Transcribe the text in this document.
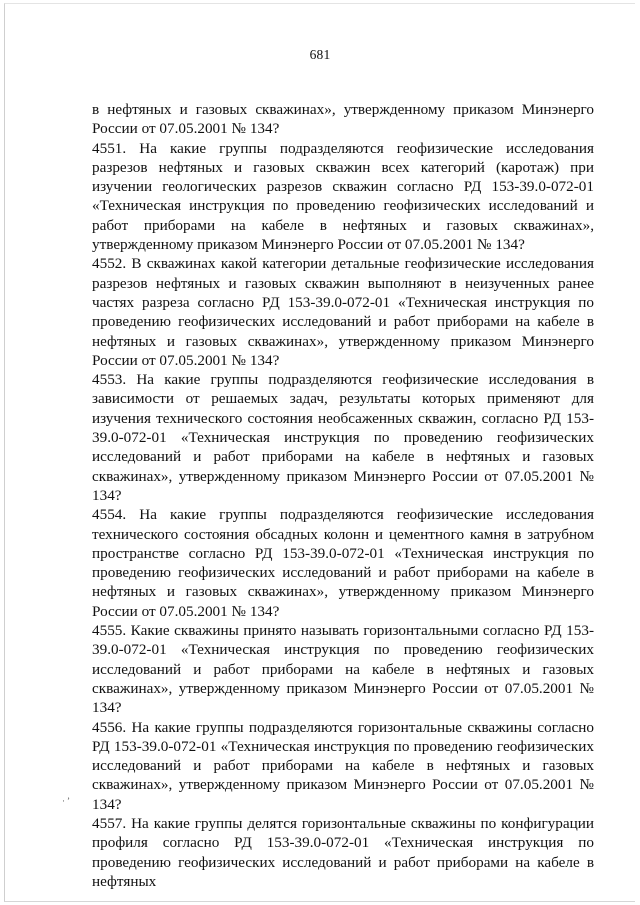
681

в нефтяных и газовых скважинах», утвержденному приказом Минэнерго России от 07.05.2001 № 134?

4551. На какие группы подразделяются геофизические исследования разрезов нефтяных и газовых скважин всех категорий (каротаж) при изучении геологических разрезов скважин согласно РД 153-39.0-072-01 «Техническая инструкция по проведению геофизических исследований и работ приборами на кабеле в нефтяных и газовых скважинах», утвержденному приказом Минэнерго России от 07.05.2001 № 134?

4552. В скважинах какой категории детальные геофизические исследования разрезов нефтяных и газовых скважин выполняют в неизученных ранее частях разреза согласно РД 153-39.0-072-01 «Техническая инструкция по проведению геофизических исследований и работ приборами на кабеле в нефтяных и газовых скважинах», утвержденному приказом Минэнерго России от 07.05.2001 № 134?

4553. На какие группы подразделяются геофизические исследования в зависимости от решаемых задач, результаты которых применяют для изучения технического состояния необсаженных скважин, согласно РД 153-39.0-072-01 «Техническая инструкция по проведению геофизических исследований и работ приборами на кабеле в нефтяных и газовых скважинах», утвержденному приказом Минэнерго России от 07.05.2001 № 134?

4554. На какие группы подразделяются геофизические исследования технического состояния обсадных колонн и цементного камня в затрубном пространстве согласно РД 153-39.0-072-01 «Техническая инструкция по проведению геофизических исследований и работ приборами на кабеле в нефтяных и газовых скважинах», утвержденному приказом Минэнерго России от 07.05.2001 № 134?

4555. Какие скважины принято называть горизонтальными согласно РД 153-39.0-072-01 «Техническая инструкция по проведению геофизических исследований и работ приборами на кабеле в нефтяных и газовых скважинах», утвержденному приказом Минэнерго России от 07.05.2001 № 134?

4556. На какие группы подразделяются горизонтальные скважины согласно РД 153-39.0-072-01 «Техническая инструкция по проведению геофизических исследований и работ приборами на кабеле в нефтяных и газовых скважинах», утвержденному приказом Минэнерго России от 07.05.2001 № 134?

4557. На какие группы делятся горизонтальные скважины по конфигурации профиля согласно РД 153-39.0-072-01 «Техническая инструкция по проведению геофизических исследований и работ приборами на кабеле в нефтяных

·’
